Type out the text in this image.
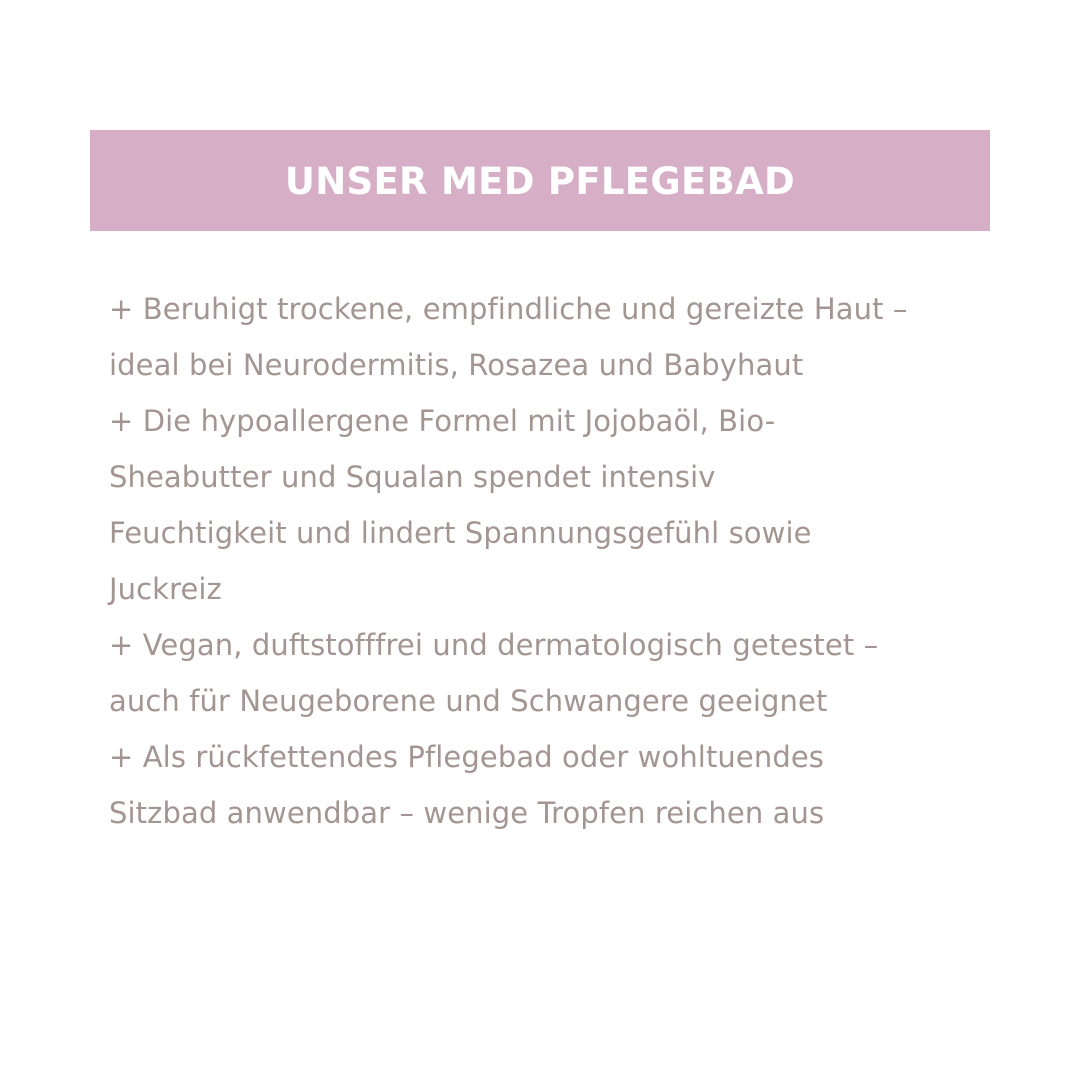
UNSER MED PFLEGEBAD
+ Beruhigt trockene, empfindliche und gereizte Haut –
ideal bei Neurodermitis, Rosazea und Babyhaut
+ Die hypoallergene Formel mit Jojobaöl, Bio-
Sheabutter und Squalan spendet intensiv
Feuchtigkeit und lindert Spannungsgefühl sowie
Juckreiz
+ Vegan, duftstofffrei und dermatologisch getestet –
auch für Neugeborene und Schwangere geeignet
+ Als rückfettendes Pflegebad oder wohltuendes
Sitzbad anwendbar – wenige Tropfen reichen aus
